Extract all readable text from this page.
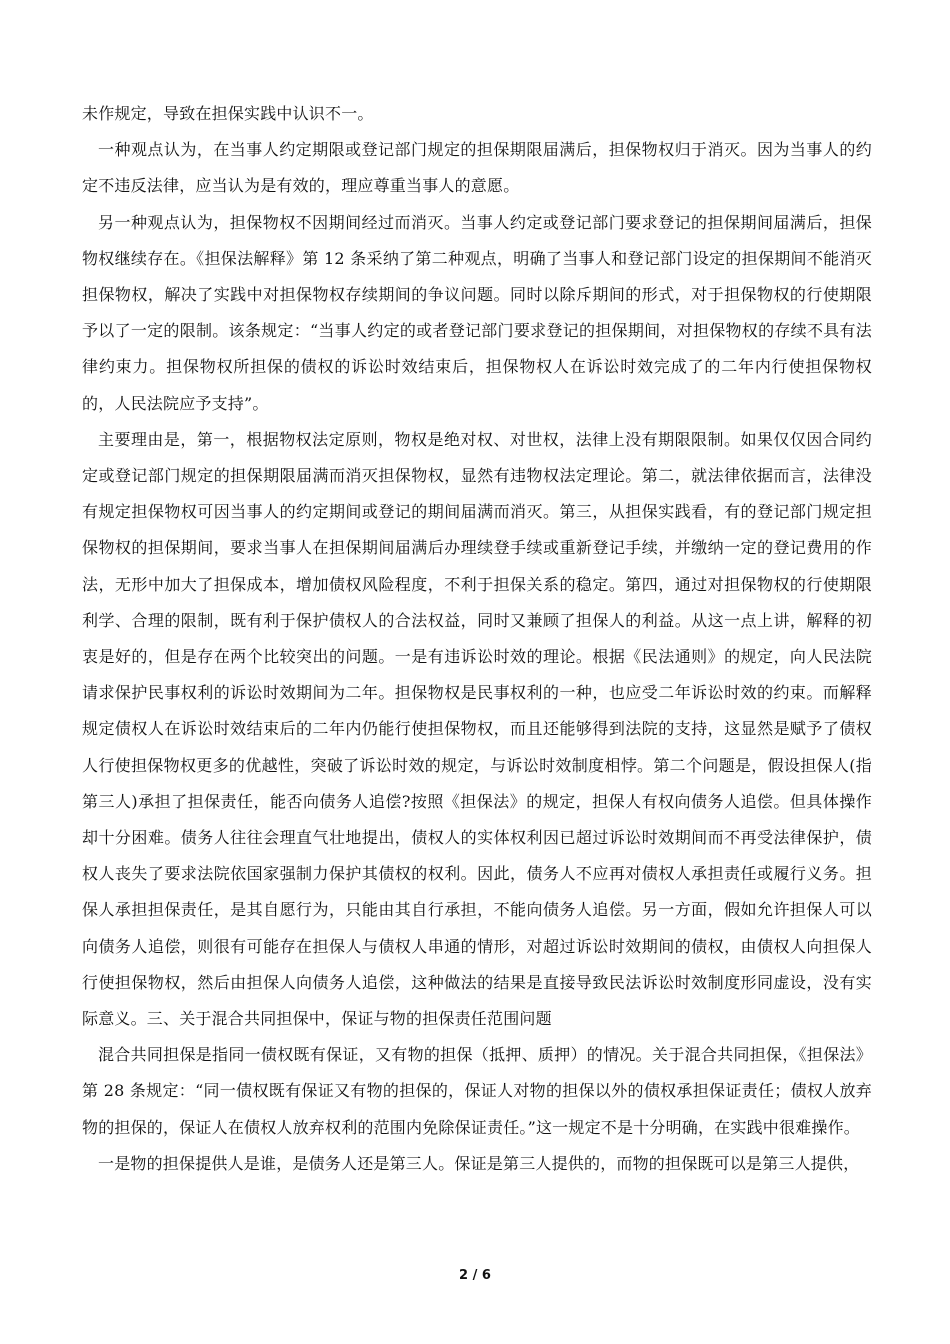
未作规定，导致在担保实践中认识不一。

一种观点认为，在当事人约定期限或登记部门规定的担保期限届满后，担保物权归于消灭。因为当事人的约定不违反法律，应当认为是有效的，理应尊重当事人的意愿。

另一种观点认为，担保物权不因期间经过而消灭。当事人约定或登记部门要求登记的担保期间届满后，担保物权继续存在。《担保法解释》第 12 条采纳了第二种观点，明确了当事人和登记部门设定的担保期间不能消灭担保物权，解决了实践中对担保物权存续期间的争议问题。同时以除斥期间的形式，对于担保物权的行使期限予以了一定的限制。该条规定：“当事人约定的或者登记部门要求登记的担保期间，对担保物权的存续不具有法律约束力。担保物权所担保的债权的诉讼时效结束后，担保物权人在诉讼时效完成了的二年内行使担保物权的，人民法院应予支持”。

主要理由是，第一，根据物权法定原则，物权是绝对权、对世权，法律上没有期限限制。如果仅仅因合同约定或登记部门规定的担保期限届满而消灭担保物权，显然有违物权法定理论。第二，就法律依据而言，法律没有规定担保物权可因当事人的约定期间或登记的期间届满而消灭。第三，从担保实践看，有的登记部门规定担保物权的担保期间，要求当事人在担保期间届满后办理续登手续或重新登记手续，并缴纳一定的登记费用的作法，无形中加大了担保成本，增加债权风险程度，不利于担保关系的稳定。第四，通过对担保物权的行使期限利学、合理的限制，既有利于保护债权人的合法权益，同时又兼顾了担保人的利益。从这一点上讲，解释的初衷是好的，但是存在两个比较突出的问题。一是有违诉讼时效的理论。根据《民法通则》的规定，向人民法院请求保护民事权利的诉讼时效期间为二年。担保物权是民事权利的一种，也应受二年诉讼时效的约束。而解释规定债权人在诉讼时效结束后的二年内仍能行使担保物权，而且还能够得到法院的支持，这显然是赋予了债权人行使担保物权更多的优越性，突破了诉讼时效的规定，与诉讼时效制度相悖。第二个问题是，假设担保人(指第三人)承担了担保责任，能否向债务人追偿?按照《担保法》的规定，担保人有权向债务人追偿。但具体操作却十分困难。债务人往往会理直气壮地提出，债权人的实体权利因已超过诉讼时效期间而不再受法律保护，债权人丧失了要求法院依国家强制力保护其债权的权利。因此，债务人不应再对债权人承担责任或履行义务。担保人承担担保责任，是其自愿行为，只能由其自行承担，不能向债务人追偿。另一方面，假如允许担保人可以向债务人追偿，则很有可能存在担保人与债权人串通的情形，对超过诉讼时效期间的债权，由债权人向担保人行使担保物权，然后由担保人向债务人追偿，这种做法的结果是直接导致民法诉讼时效制度形同虚设，没有实际意义。三、关于混合共同担保中，保证与物的担保责任范围问题

混合共同担保是指同一债权既有保证，又有物的担保（抵押、质押）的情况。关于混合共同担保，《担保法》第 28 条规定：“同一债权既有保证又有物的担保的，保证人对物的担保以外的债权承担保证责任；债权人放弃物的担保的，保证人在债权人放弃权利的范围内免除保证责任。”这一规定不是十分明确，在实践中很难操作。

一是物的担保提供人是谁，是债务人还是第三人。保证是第三人提供的，而物的担保既可以是第三人提供，

2 / 6
